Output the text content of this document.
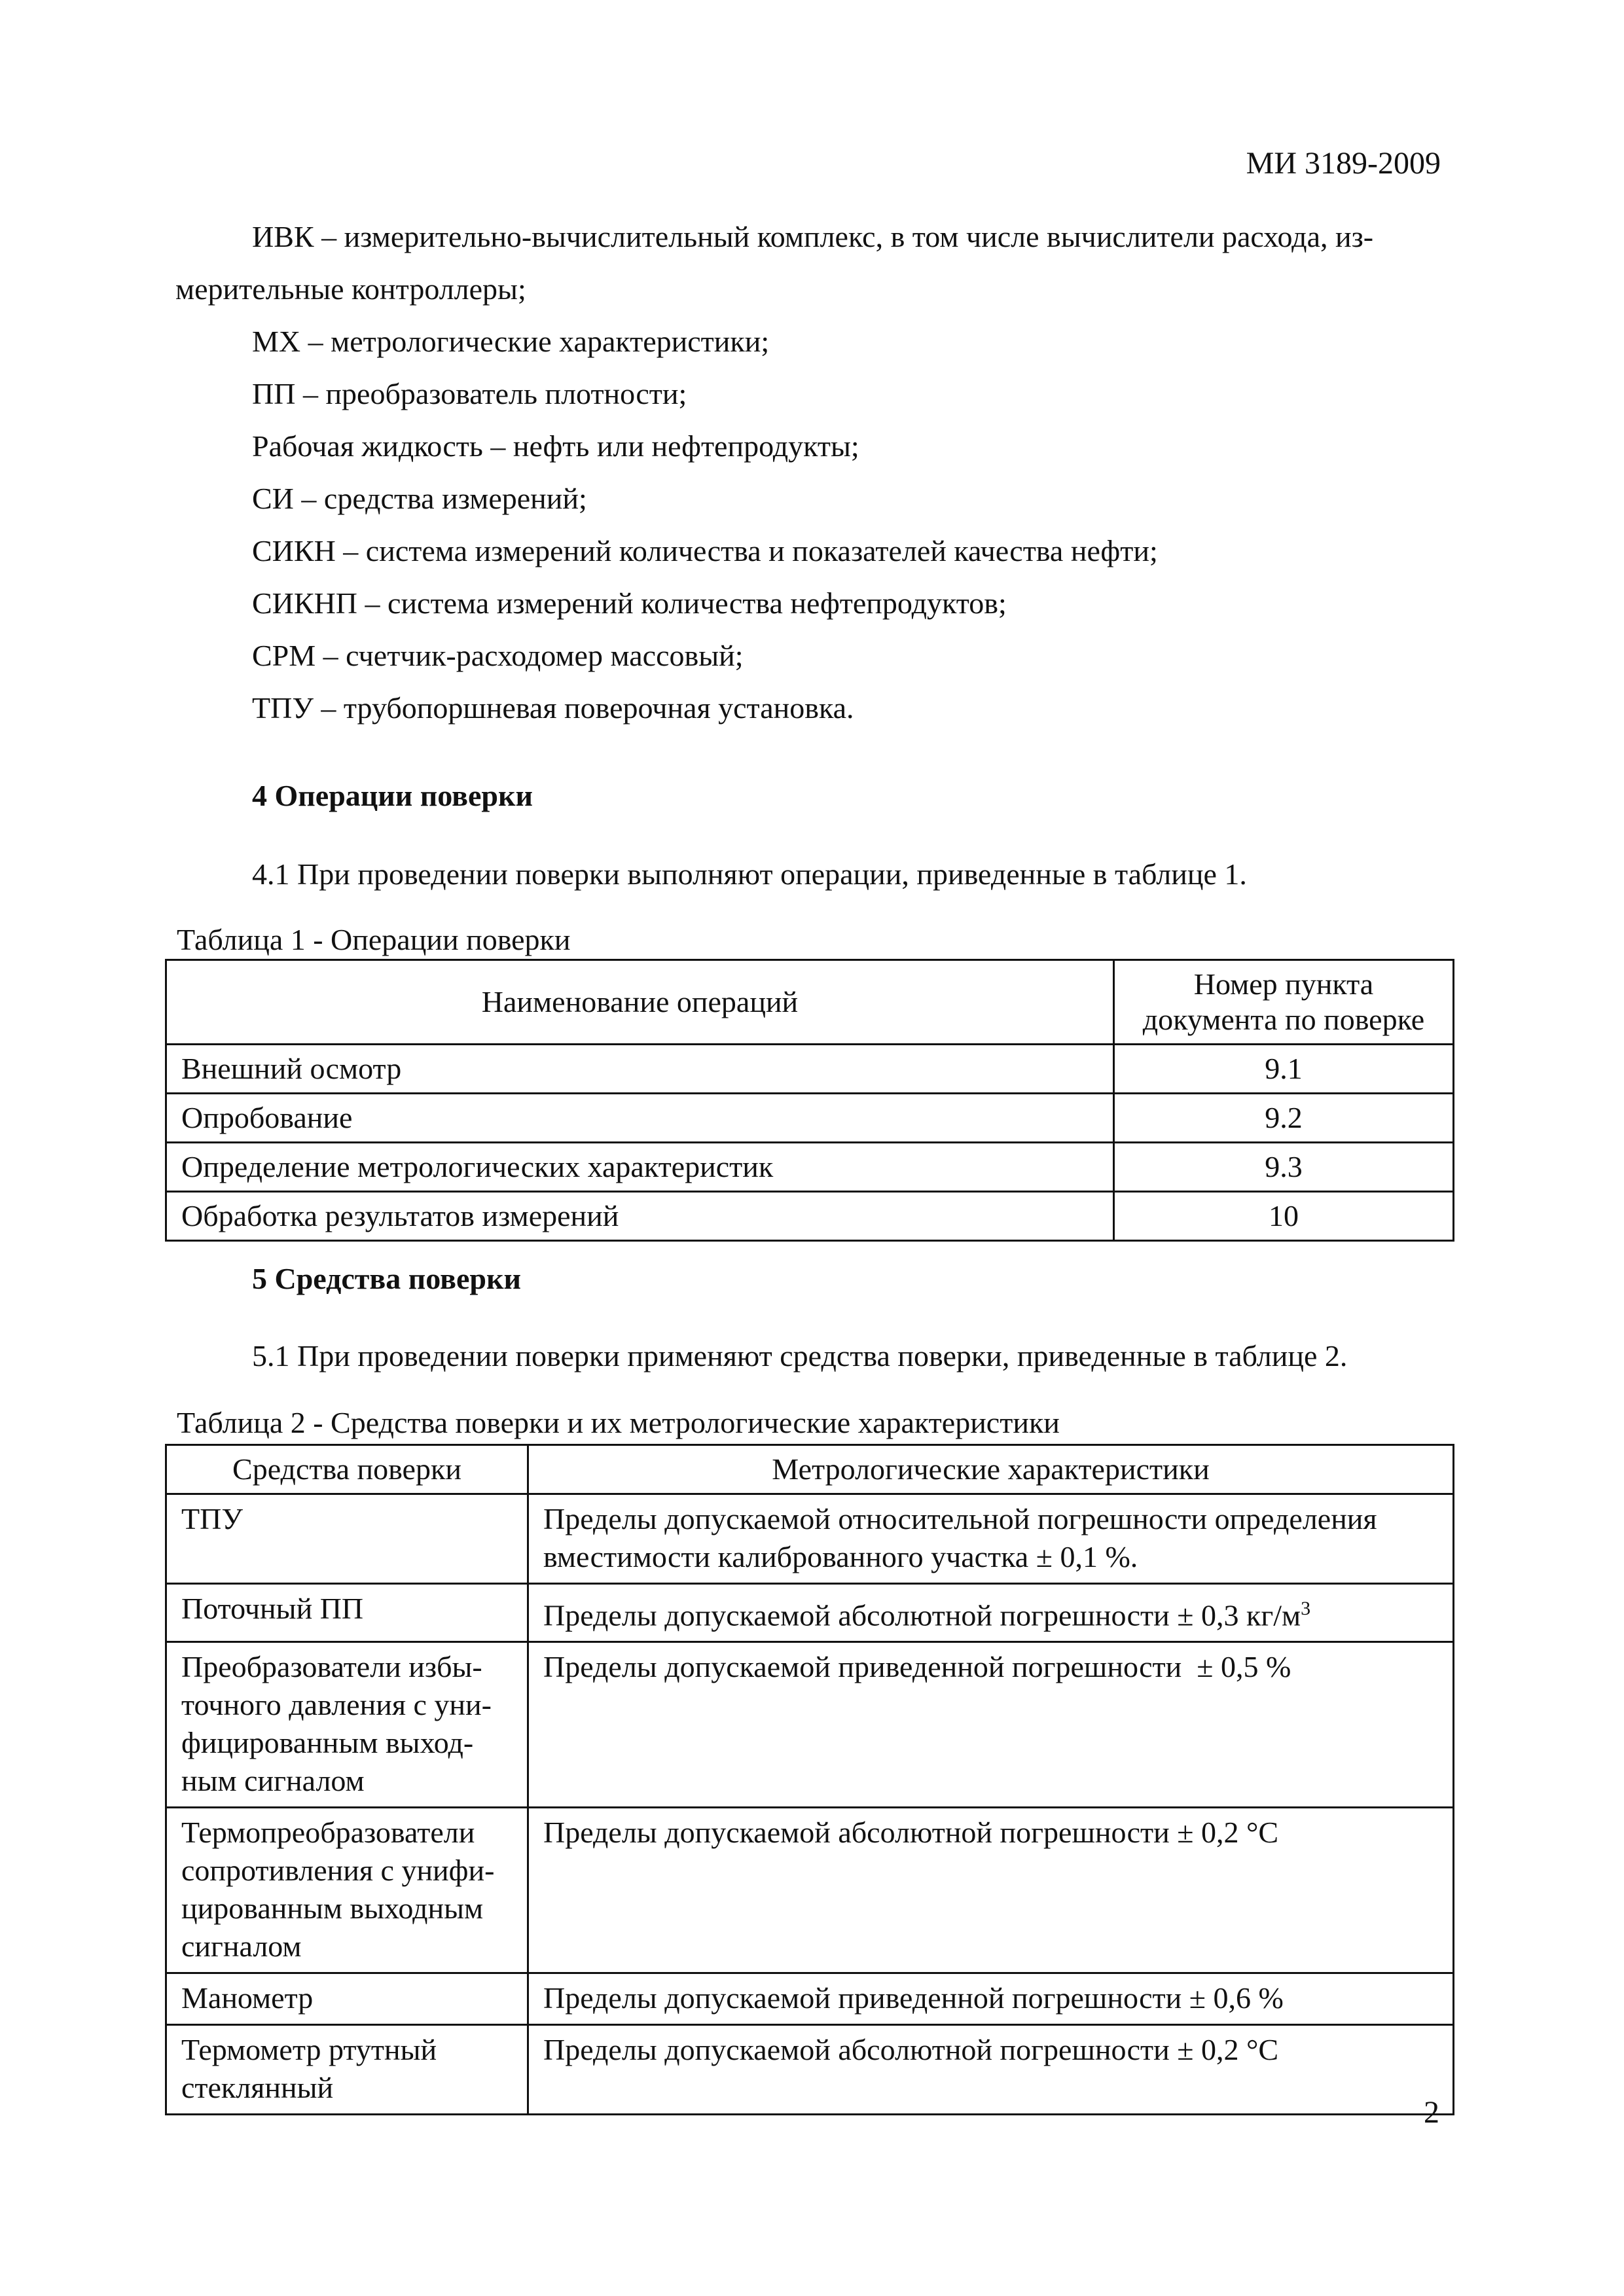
МИ 3189-2009
ИВК – измерительно-вычислительный комплекс, в том числе вычислители расхода, из-
мерительные контроллеры;
МХ – метрологические характеристики;
ПП – преобразователь плотности;
Рабочая жидкость – нефть или нефтепродукты;
СИ – средства измерений;
СИКН – система измерений количества и показателей качества нефти;
СИКНП – система измерений количества нефтепродуктов;
СРМ – счетчик-расходомер массовый;
ТПУ – трубопоршневая поверочная установка.
4 Операции поверки
4.1 При проведении поверки выполняют операции, приведенные в таблице 1.
Таблица 1 - Операции поверки
Наименование операций	Номер пункта
документа по поверке

Внешний осмотр	9.1
Опробование	9.2
Определение метрологических характеристик	9.3
Обработка результатов измерений	10
5 Средства поверки
5.1 При проведении поверки применяют средства поверки, приведенные в таблице 2.
Таблица 2 - Средства поверки и их метрологические характеристики
Средства поверки	Метрологические характеристики

ТПУ	Пределы допускаемой относительной погрешности определения
вместимости калиброванного участка ± 0,1 %.

Поточный ПП	Пределы допускаемой абсолютной погрешности ± 0,3 $кг/м^3$

Преобразователи избы-
точного давления с уни-
фицированным выход-
ным сигналом	Пределы допускаемой приведенной погрешности  ± 0,5 %

Термопреобразователи
сопротивления с унифи-
цированным выходным
сигналом	Пределы допускаемой абсолютной погрешности ± 0,2 °С

Манометр	Пределы допускаемой приведенной погрешности ± 0,6 %

Термометр ртутный
стеклянный	Пределы допускаемой абсолютной погрешности ± 0,2 °С
2
